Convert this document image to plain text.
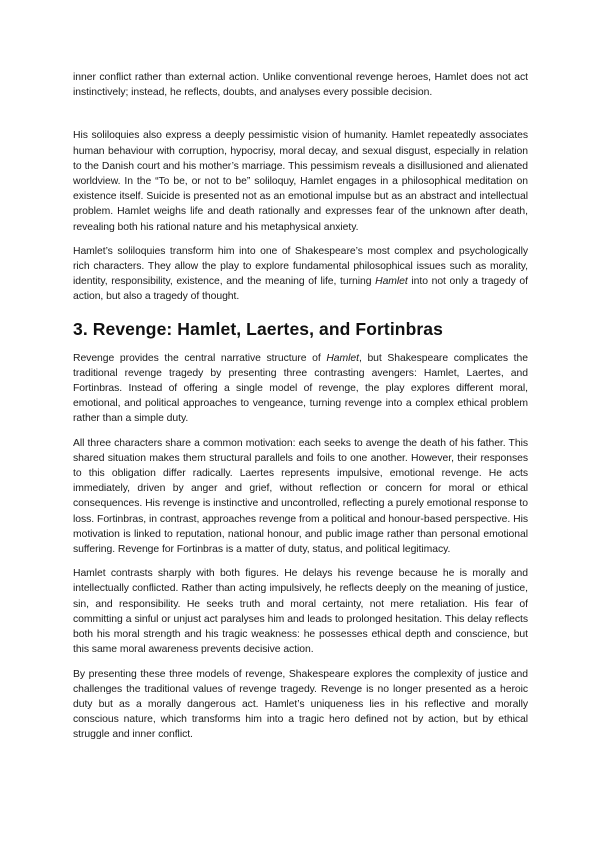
inner conflict rather than external action. Unlike conventional revenge heroes, Hamlet does not act instinctively; instead, he reflects, doubts, and analyses every possible decision.

His soliloquies also express a deeply pessimistic vision of humanity. Hamlet repeatedly associates human behaviour with corruption, hypocrisy, moral decay, and sexual disgust, especially in relation to the Danish court and his mother’s marriage. This pessimism reveals a disillusioned and alienated worldview. In the “To be, or not to be” soliloquy, Hamlet engages in a philosophical meditation on existence itself. Suicide is presented not as an emotional impulse but as an abstract and intellectual problem. Hamlet weighs life and death rationally and expresses fear of the unknown after death, revealing both his rational nature and his metaphysical anxiety.

Hamlet’s soliloquies transform him into one of Shakespeare’s most complex and psychologically rich characters. They allow the play to explore fundamental philosophical issues such as morality, identity, responsibility, existence, and the meaning of life, turning Hamlet into not only a tragedy of action, but also a tragedy of thought.

3. Revenge: Hamlet, Laertes, and Fortinbras

Revenge provides the central narrative structure of Hamlet, but Shakespeare complicates the traditional revenge tragedy by presenting three contrasting avengers: Hamlet, Laertes, and Fortinbras. Instead of offering a single model of revenge, the play explores different moral, emotional, and political approaches to vengeance, turning revenge into a complex ethical problem rather than a simple duty.

All three characters share a common motivation: each seeks to avenge the death of his father. This shared situation makes them structural parallels and foils to one another. However, their responses to this obligation differ radically. Laertes represents impulsive, emotional revenge. He acts immediately, driven by anger and grief, without reflection or concern for moral or ethical consequences. His revenge is instinctive and uncontrolled, reflecting a purely emotional response to loss. Fortinbras, in contrast, approaches revenge from a political and honour-based perspective. His motivation is linked to reputation, national honour, and public image rather than personal emotional suffering. Revenge for Fortinbras is a matter of duty, status, and political legitimacy.

Hamlet contrasts sharply with both figures. He delays his revenge because he is morally and intellectually conflicted. Rather than acting impulsively, he reflects deeply on the meaning of justice, sin, and responsibility. He seeks truth and moral certainty, not mere retaliation. His fear of committing a sinful or unjust act paralyses him and leads to prolonged hesitation. This delay reflects both his moral strength and his tragic weakness: he possesses ethical depth and conscience, but this same moral awareness prevents decisive action.

By presenting these three models of revenge, Shakespeare explores the complexity of justice and challenges the traditional values of revenge tragedy. Revenge is no longer presented as a heroic duty but as a morally dangerous act. Hamlet’s uniqueness lies in his reflective and morally conscious nature, which transforms him into a tragic hero defined not by action, but by ethical struggle and inner conflict.
